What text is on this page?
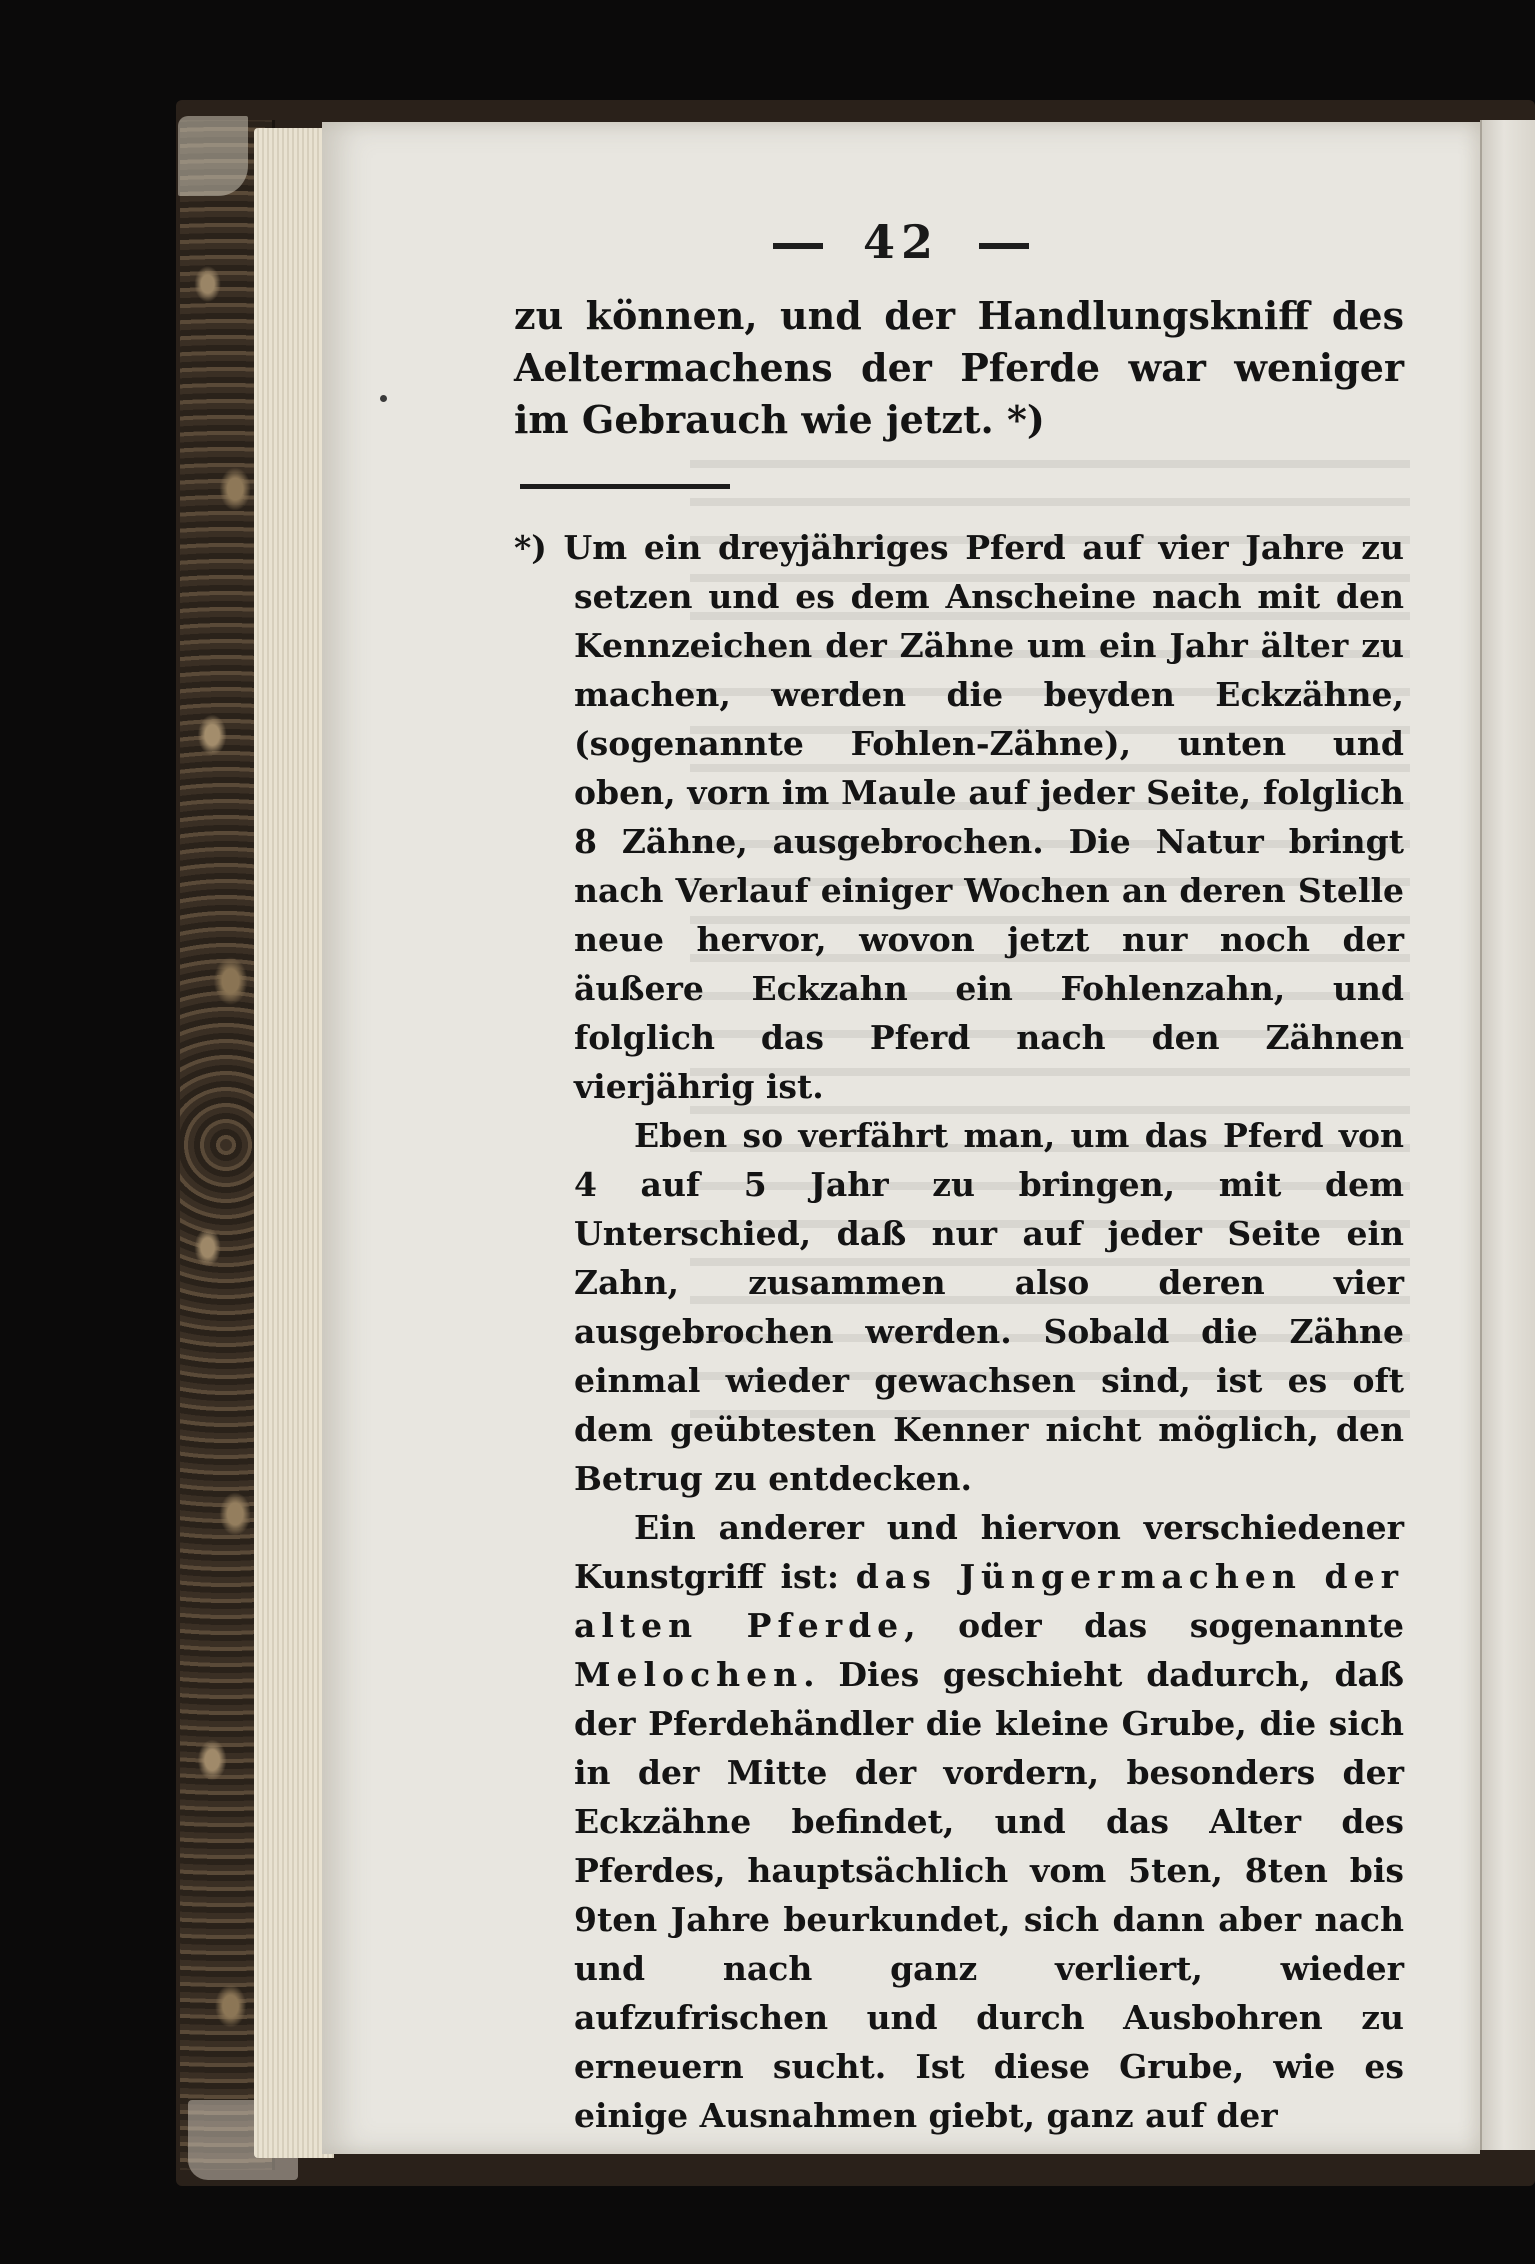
42

zu können, und der Handlungskniff des Aeltermachens der Pferde war weniger im Gebrauch wie jetzt. *)

*) Um ein dreyjähriges Pferd auf vier Jahre zu setzen und es dem Anscheine nach mit den Kennzeichen der Zähne um ein Jahr älter zu machen, werden die beyden Eckzähne, (sogenannte Fohlen-Zähne), unten und oben, vorn im Maule auf jeder Seite, folglich 8 Zähne, ausgebrochen. Die Natur bringt nach Verlauf einiger Wochen an deren Stelle neue hervor, wovon jetzt nur noch der äußere Eckzahn ein Fohlenzahn, und folglich das Pferd nach den Zähnen vierjährig ist.

Eben so verfährt man, um das Pferd von 4 auf 5 Jahr zu bringen, mit dem Unterschied, daß nur auf jeder Seite ein Zahn, zusammen also deren vier ausgebrochen werden. Sobald die Zähne einmal wieder gewachsen sind, ist es oft dem geübtesten Kenner nicht möglich, den Betrug zu entdecken.

Ein anderer und hiervon verschiedener Kunstgriff ist: das Jüngermachen der alten Pferde, oder das sogenannte Melochen. Dies geschieht dadurch, daß der Pferdehändler die kleine Grube, die sich in der Mitte der vordern, besonders der Eckzähne befindet, und das Alter des Pferdes, hauptsächlich vom 5ten, 8ten bis 9ten Jahre beurkundet, sich dann aber nach und nach ganz verliert, wieder aufzufrischen und durch Ausbohren zu erneuern sucht. Ist diese Grube, wie es einige Ausnahmen giebt, ganz auf der
